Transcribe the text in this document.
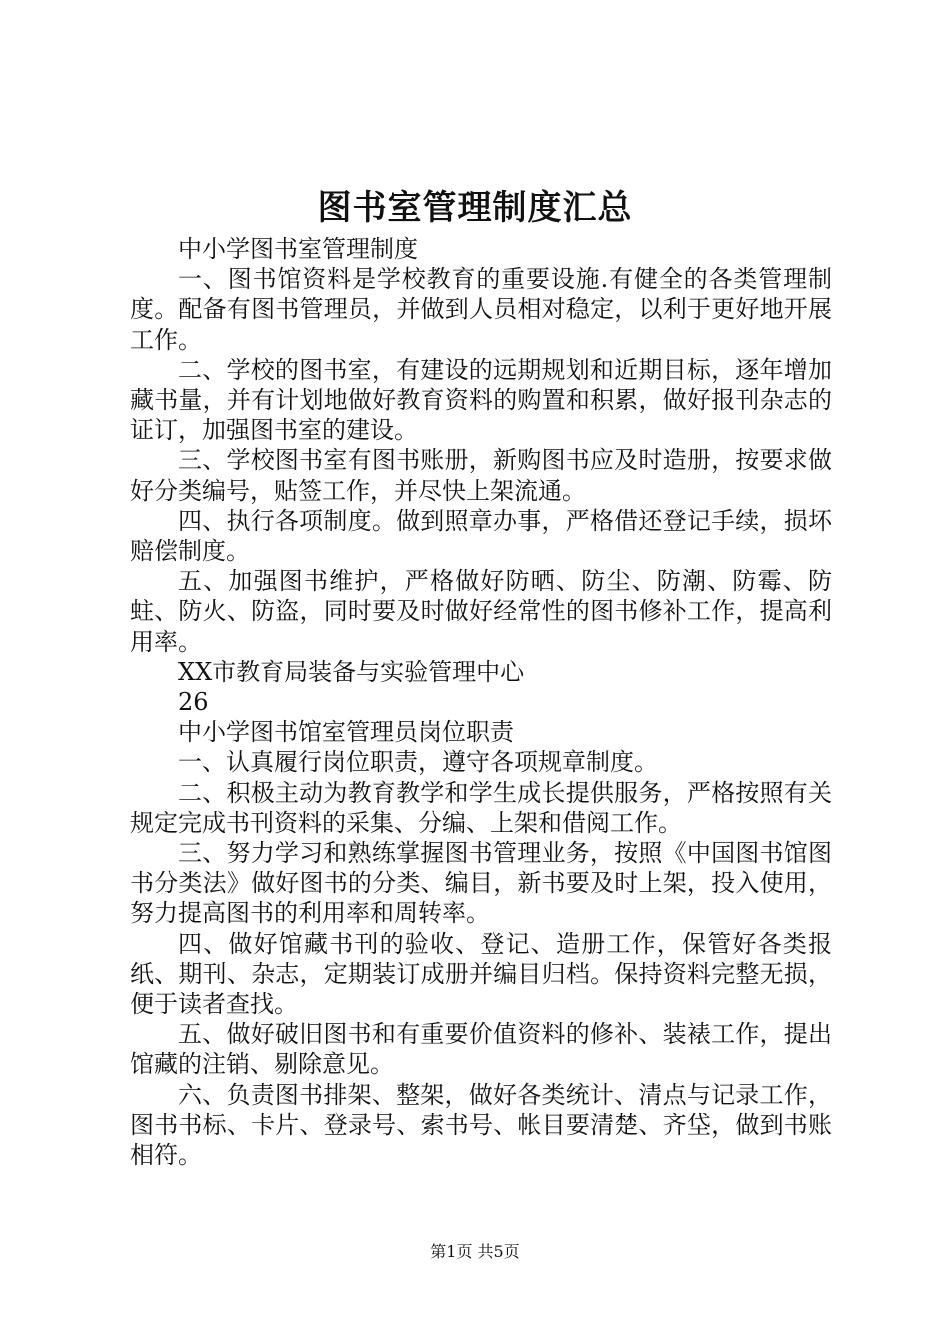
图书室管理制度汇总

中小学图书室管理制度

一、图书馆资料是学校教育的重要设施.有健全的各类管理制度。配备有图书管理员，并做到人员相对稳定，以利于更好地开展工作。

二、学校的图书室，有建设的远期规划和近期目标，逐年增加藏书量，并有计划地做好教育资料的购置和积累，做好报刊杂志的证订，加强图书室的建设。

三、学校图书室有图书账册，新购图书应及时造册，按要求做好分类编号，贴签工作，并尽快上架流通。

四、执行各项制度。做到照章办事，严格借还登记手续，损坏赔偿制度。

五、加强图书维护，严格做好防晒、防尘、防潮、防霉、防蛀、防火、防盗，同时要及时做好经常性的图书修补工作，提高利用率。

XX市教育局装备与实验管理中心

26

中小学图书馆室管理员岗位职责

一、认真履行岗位职责，遵守各项规章制度。

二、积极主动为教育教学和学生成长提供服务，严格按照有关规定完成书刊资料的采集、分编、上架和借阅工作。

三、努力学习和熟练掌握图书管理业务，按照《中国图书馆图书分类法》做好图书的分类、编目，新书要及时上架，投入使用，努力提高图书的利用率和周转率。

四、做好馆藏书刊的验收、登记、造册工作，保管好各类报纸、期刊、杂志，定期装订成册并编目归档。保持资料完整无损，便于读者查找。

五、做好破旧图书和有重要价值资料的修补、装裱工作，提出馆藏的注销、剔除意见。

六、负责图书排架、整架，做好各类统计、清点与记录工作，图书书标、卡片、登录号、索书号、帐目要清楚、齐垈，做到书账相符。

第1页 共5页
